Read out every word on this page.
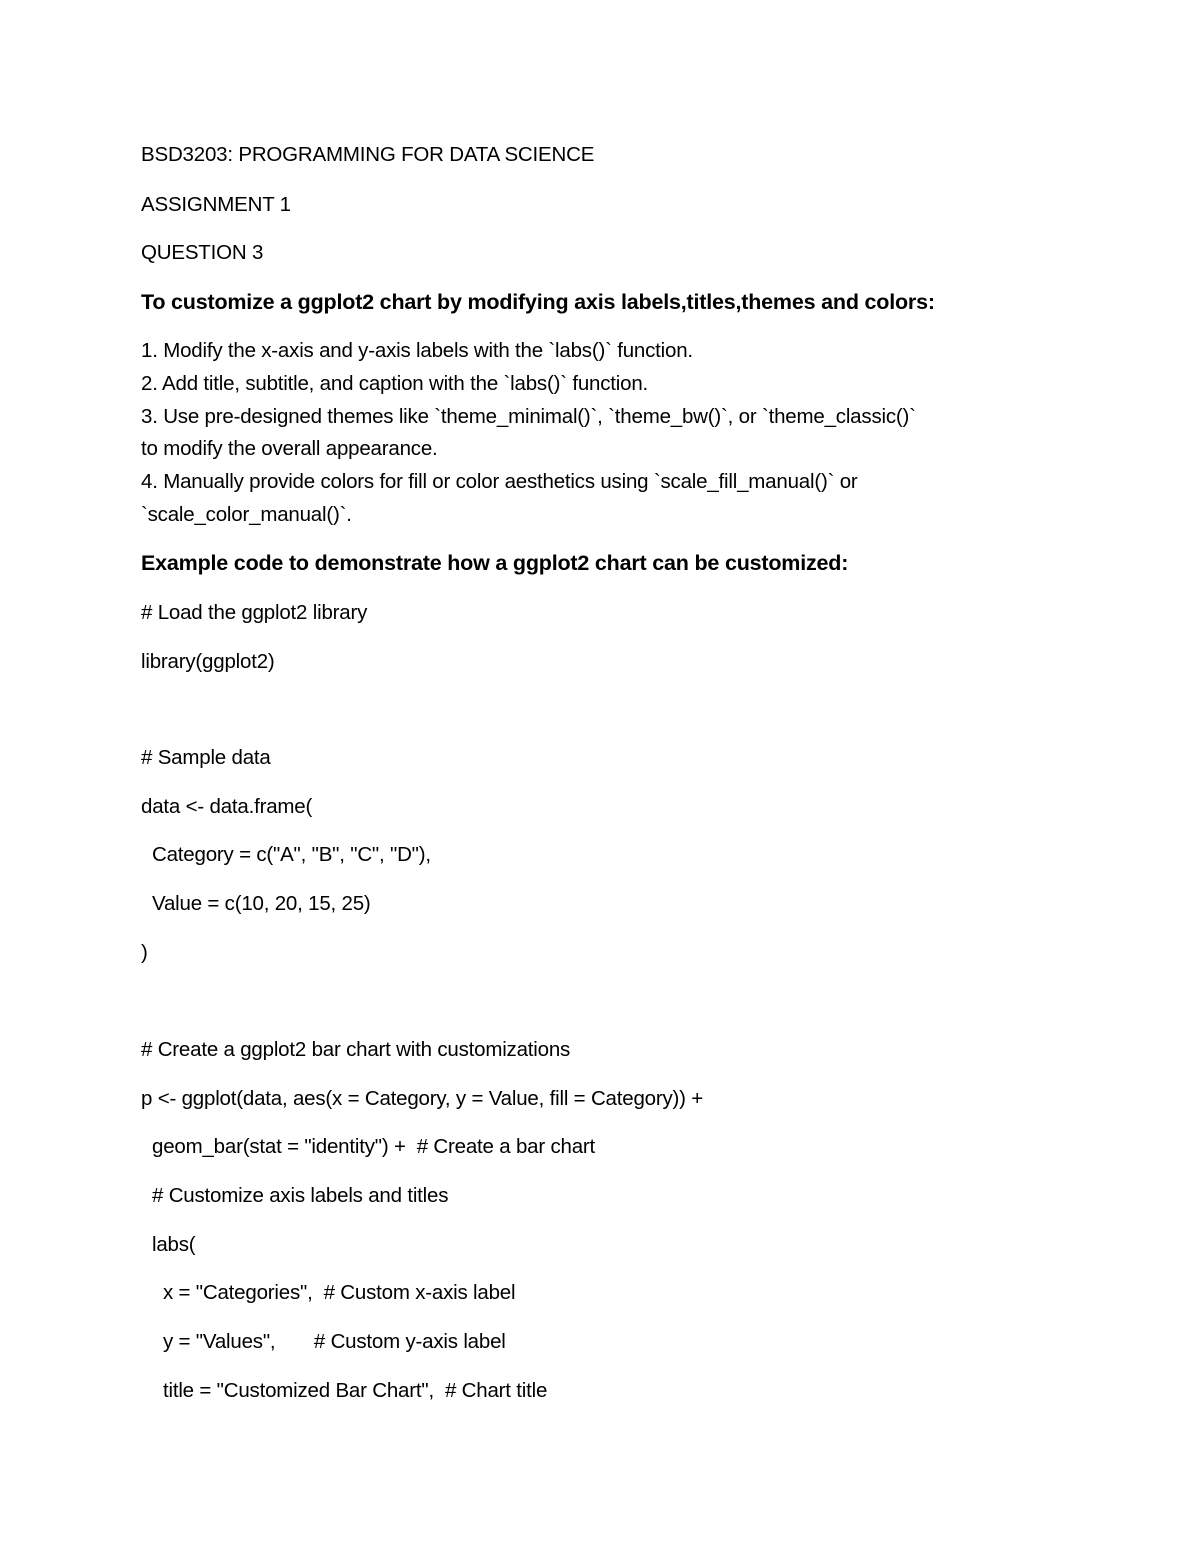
BSD3203: PROGRAMMING FOR DATA SCIENCE
ASSIGNMENT 1
QUESTION 3
To customize a ggplot2 chart by modifying axis labels,titles,themes and colors:
1. Modify the x-axis and y-axis labels with the `labs()` function.
2. Add title, subtitle, and caption with the `labs()` function.
3. Use pre-designed themes like `theme_minimal()`, `theme_bw()`, or `theme_classic()`
to modify the overall appearance.
4. Manually provide colors for fill or color aesthetics using `scale_fill_manual()` or
`scale_color_manual()`.
Example code to demonstrate how a ggplot2 chart can be customized:
# Load the ggplot2 library
library(ggplot2)
# Sample data
data <- data.frame(
Category = c("A", "B", "C", "D"),
Value = c(10, 20, 15, 25)
)
# Create a ggplot2 bar chart with customizations
p <- ggplot(data, aes(x = Category, y = Value, fill = Category)) +
geom_bar(stat = "identity") +  # Create a bar chart
# Customize axis labels and titles
labs(
x = "Categories",  # Custom x-axis label
y = "Values",       # Custom y-axis label
title = "Customized Bar Chart",  # Chart title
